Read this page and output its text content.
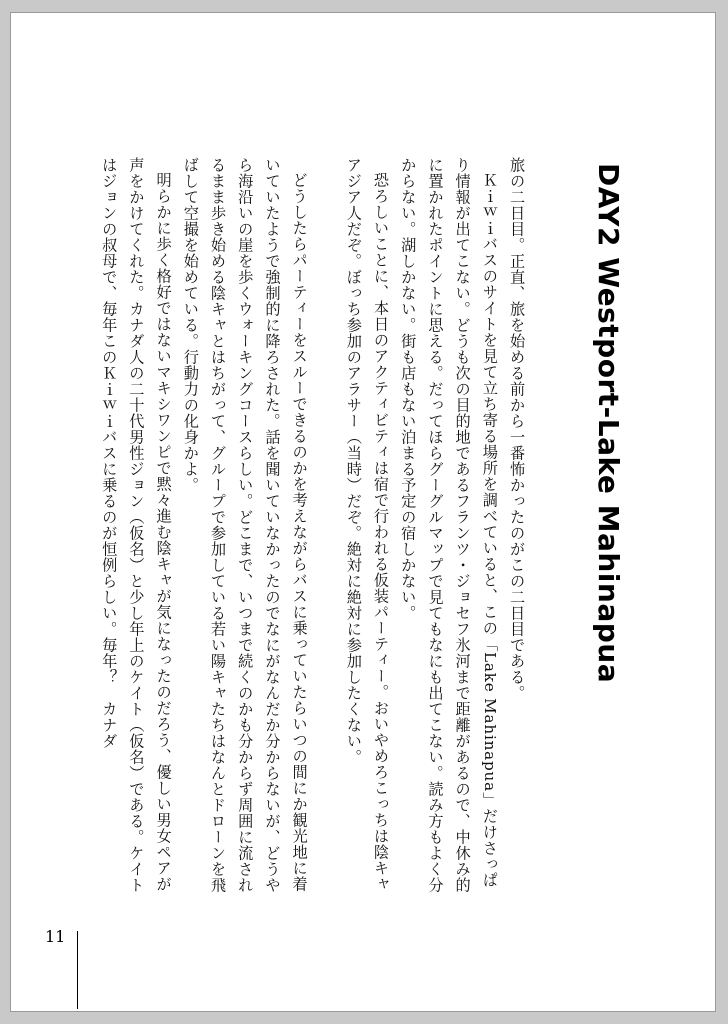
DAY2 Westport-Lake Mahinapua

旅の二日目。正直、旅を始める前から一番怖かったのがこの二日目である。

Ｋｉｗｉバスのサイトを見て立ち寄る場所を調べていると、この「Lake Mahinapua」だけさっぱり情報が出てこない。どうも次の目的地であるフランツ・ジョセフ氷河まで距離があるので、中休み的に置かれたポイントに思える。だってほらグーグルマップで見てもなにも出てこない。読み方もよく分からない。湖しかない。街も店もない泊まる予定の宿しかない。

恐ろしいことに、本日のアクティビティは宿で行われる仮装パーティー。おいやめろこっちは陰キャアジア人だぞ。ぼっち参加のアラサー（当時）だぞ。絶対に絶対に参加したくない。

どうしたらパーティーをスルーできるのかを考えながらバスに乗っていたらいつの間にか観光地に着いていたようで強制的に降ろされた。話を聞いていなかったのでなにがなんだか分からないが、どうやら海沿いの崖を歩くウォーキングコースらしい。どこまで、いつまで続くのかも分からず周囲に流されるまま歩き始める陰キャとはちがって、グループで参加している若い陽キャたちはなんとドローンを飛ばして空撮を始めている。行動力の化身かよ。

明らかに歩く格好ではないマキシワンピで黙々進む陰キャが気になったのだろう、優しい男女ペアが声をかけてくれた。カナダ人の二十代男性ジョン（仮名）と少し年上のケイト（仮名）である。ケイトはジョンの叔母で、毎年このＫｉｗｉバスに乗るのが恒例らしい。毎年？　カナダ

11
